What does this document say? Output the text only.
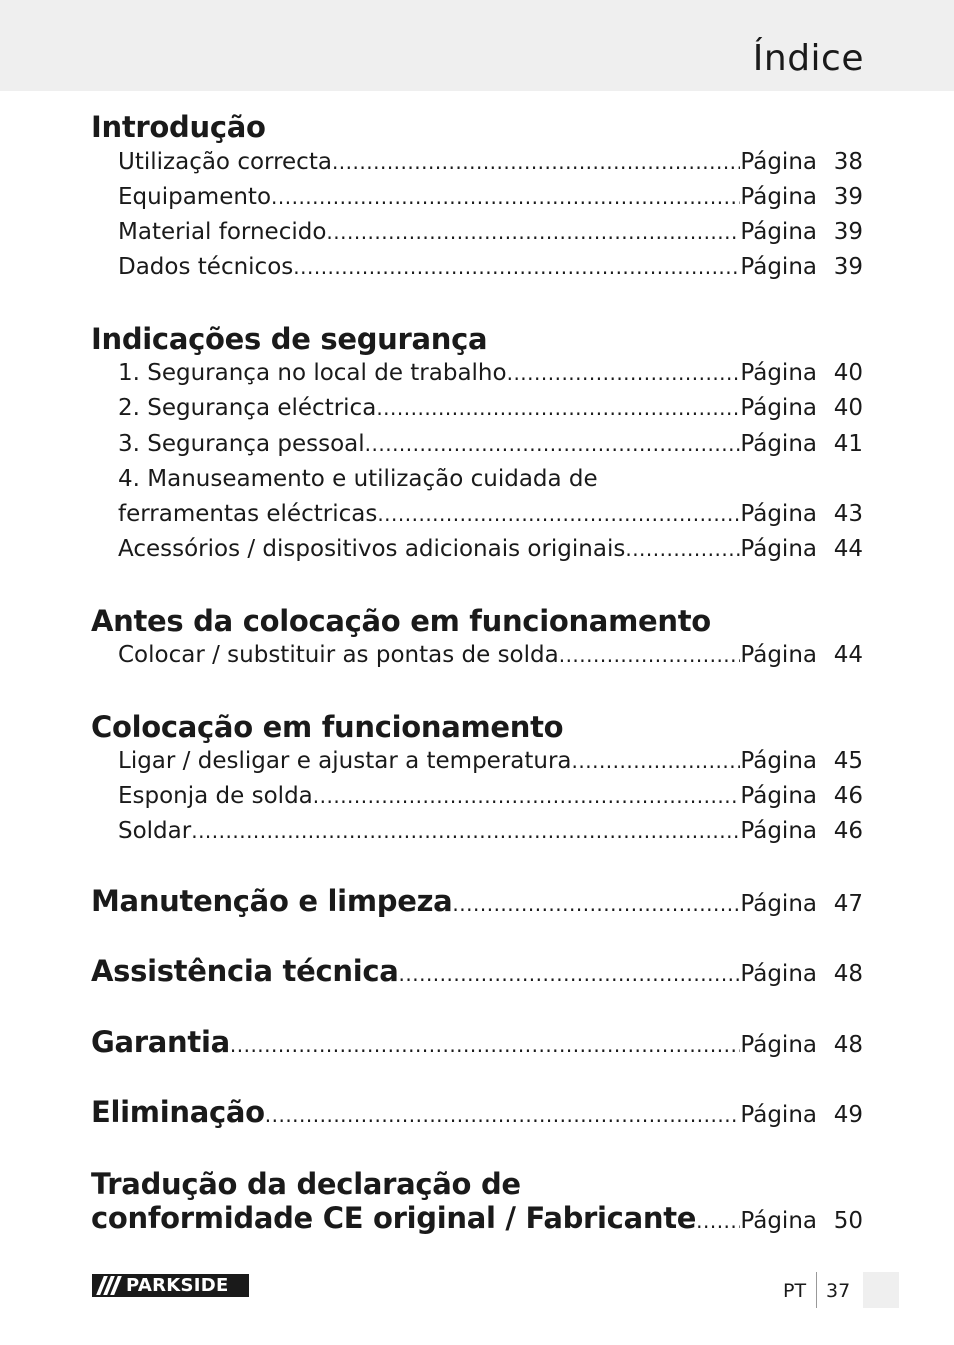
Índice
Introdução
Utilização correcta .....	Página 38
Equipamento .....	Página 39
Material fornecido .....	Página 39
Dados técnicos .....	Página 39
Indicações de segurança
1. Segurança no local de trabalho .....	Página 40
2. Segurança eléctrica .....	Página 40
3. Segurança pessoal .....	Página 41
4. Manuseamento e utilização cuidada de
ferramentas eléctricas .....	Página 43
Acessórios / dispositivos adicionais originais .....	Página 44
Antes da colocação em funcionamento
Colocar / substituir as pontas de solda .....	Página 44
Colocação em funcionamento
Ligar / desligar e ajustar a temperatura .....	Página 45
Esponja de solda .....	Página 46
Soldar .....	Página 46
Manutenção e limpeza .....	Página 47
Assistência técnica .....	Página 48
Garantia .....	Página 48
Eliminação .....	Página 49
Tradução da declaração de
conformidade CE original / Fabricante ..... Página 50
PARKSIDE	PT 37
